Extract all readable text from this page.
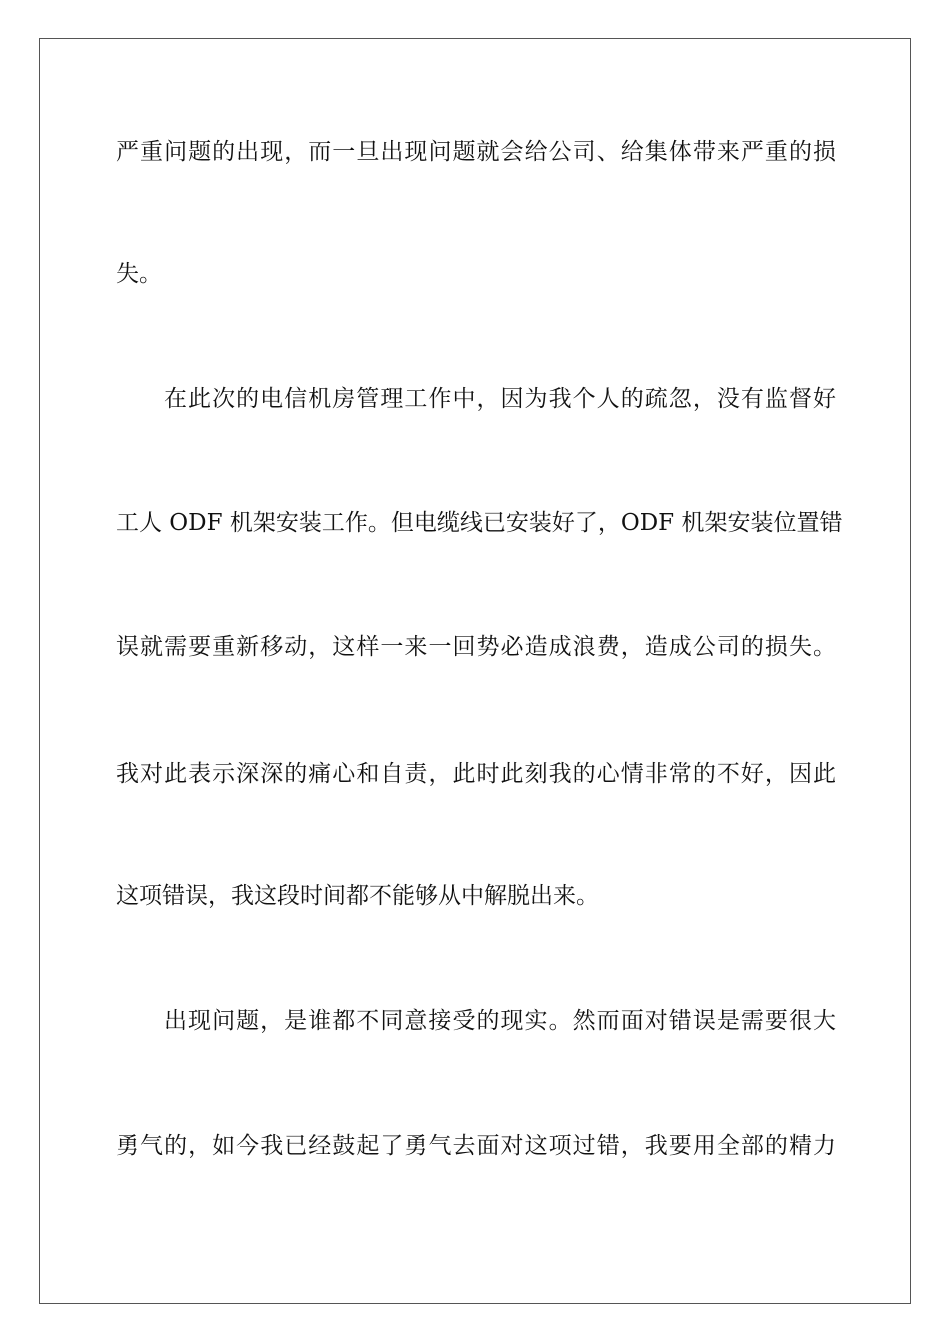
严重问题的出现，而一旦出现问题就会给公司、给集体带来严重的损
失。
在此次的电信机房管理工作中，因为我个人的疏忽，没有监督好
工人 ODF 机架安装工作。但电缆线已安装好了，ODF 机架安装位置错
误就需要重新移动，这样一来一回势必造成浪费，造成公司的损失。
我对此表示深深的痛心和自责，此时此刻我的心情非常的不好，因此
这项错误，我这段时间都不能够从中解脱出来。
出现问题，是谁都不同意接受的现实。然而面对错误是需要很大
勇气的，如今我已经鼓起了勇气去面对这项过错，我要用全部的精力
